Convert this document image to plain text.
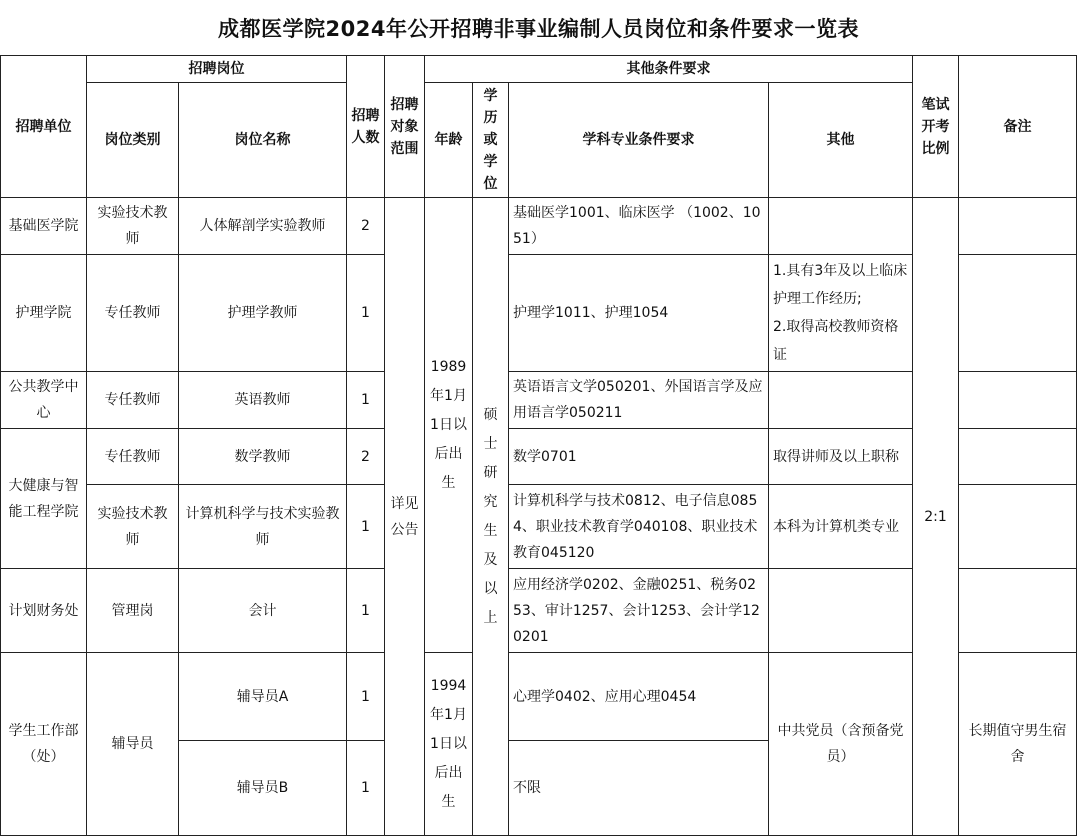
成都医学院2024年公开招聘非事业编制人员岗位和条件要求一览表
招聘单位	招聘岗位		招聘人数	招聘对象范围	其他条件要求				笔试开考比例	备注
	岗位类别	岗位名称			年龄	学历或学位	学科专业条件要求	其他		
基础医学院	实验技术教师	人体解剖学实验教师	2	详见公告	1989年1月1日以后出生	硕士研究生及以上	基础医学1001、临床医学 （1002、1051）		2:1	
护理学院	专任教师	护理学教师	1				护理学1011、护理1054	1.具有3年及以上临床护理工作经历;
2.取得高校教师资格证		
公共教学中心	专任教师	英语教师	1				英语语言文学050201、外国语言学及应用语言学050211			
大健康与智能工程学院	专任教师	数学教师	2				数学0701	取得讲师及以上职称		
	实验技术教师	计算机科学与技术实验教师	1				计算机科学与技术0812、电子信息0854、职业技术教育学040108、职业技术教育045120	本科为计算机类专业		
计划财务处	管理岗	会计	1				应用经济学0202、金融0251、税务0253、审计1257、会计1253、会计学120201			
学生工作部（处）	辅导员	辅导员A	1		1994年1月1日以后出生		心理学0402、应用心理0454	中共党员（含预备党员）		长期值守男生宿舍
		辅导员B	1				不限			
